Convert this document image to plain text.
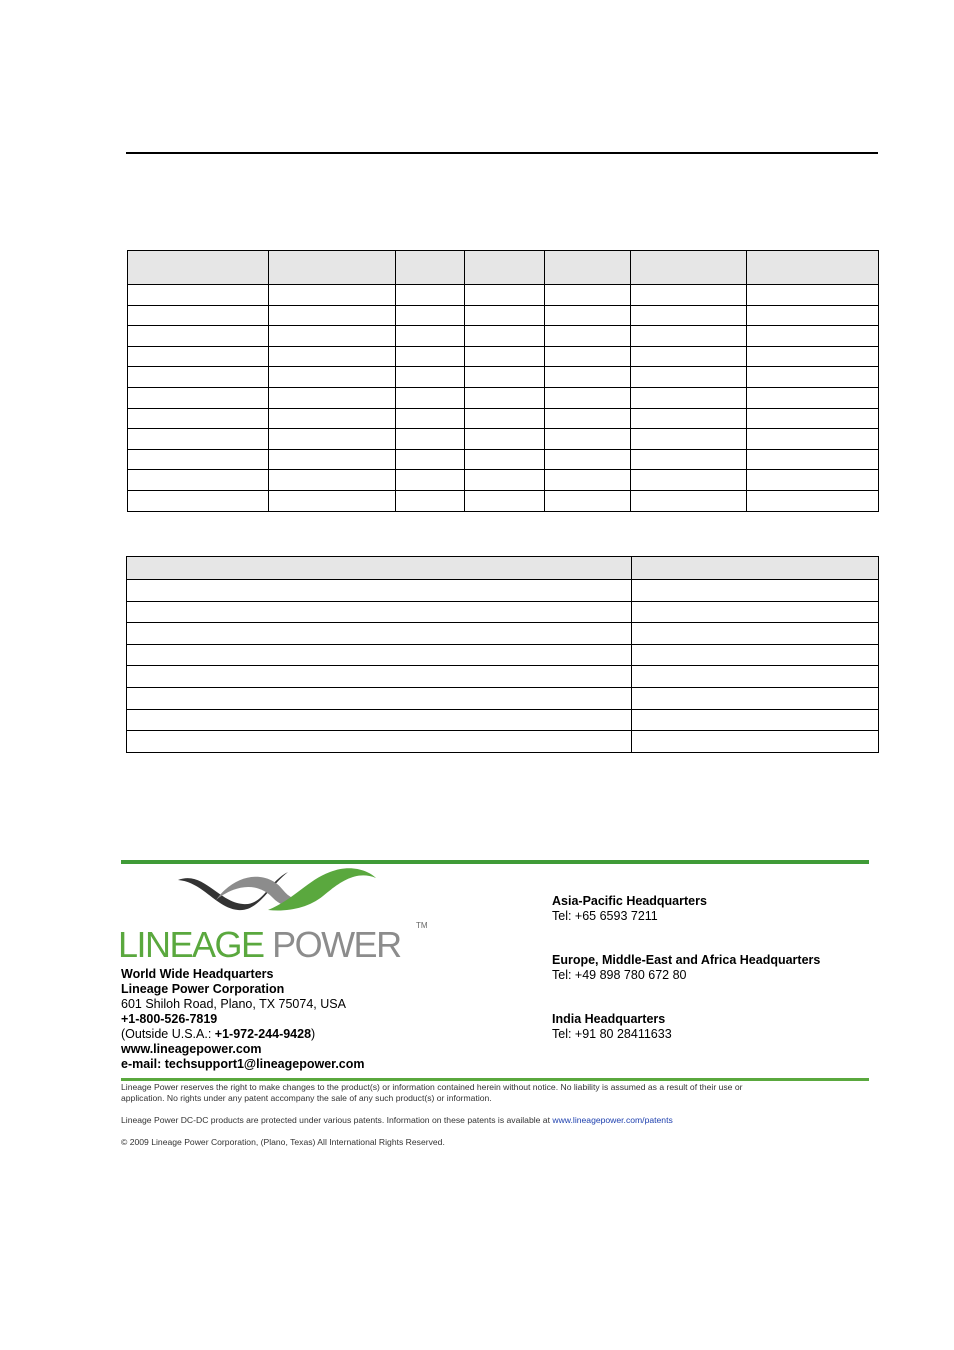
LINEAGE POWER TM
World Wide Headquarters
Lineage Power Corporation
601 Shiloh Road, Plano, TX 75074, USA
+1-800-526-7819
(Outside U.S.A.: +1-972-244-9428)
www.lineagepower.com
e-mail: techsupport1@lineagepower.com
Asia-Pacific Headquarters
Tel: +65 6593 7211
Europe, Middle-East and Africa Headquarters
Tel: +49 898 780 672 80
India Headquarters
Tel: +91 80 28411633
Lineage Power reserves the right to make changes to the product(s) or information contained herein without notice. No liability is assumed as a result of their use or
application. No rights under any patent accompany the sale of any such product(s) or information.
Lineage Power DC-DC products are protected under various patents. Information on these patents is available at www.lineagepower.com/patents
© 2009 Lineage Power Corporation, (Plano, Texas) All International Rights Reserved.
